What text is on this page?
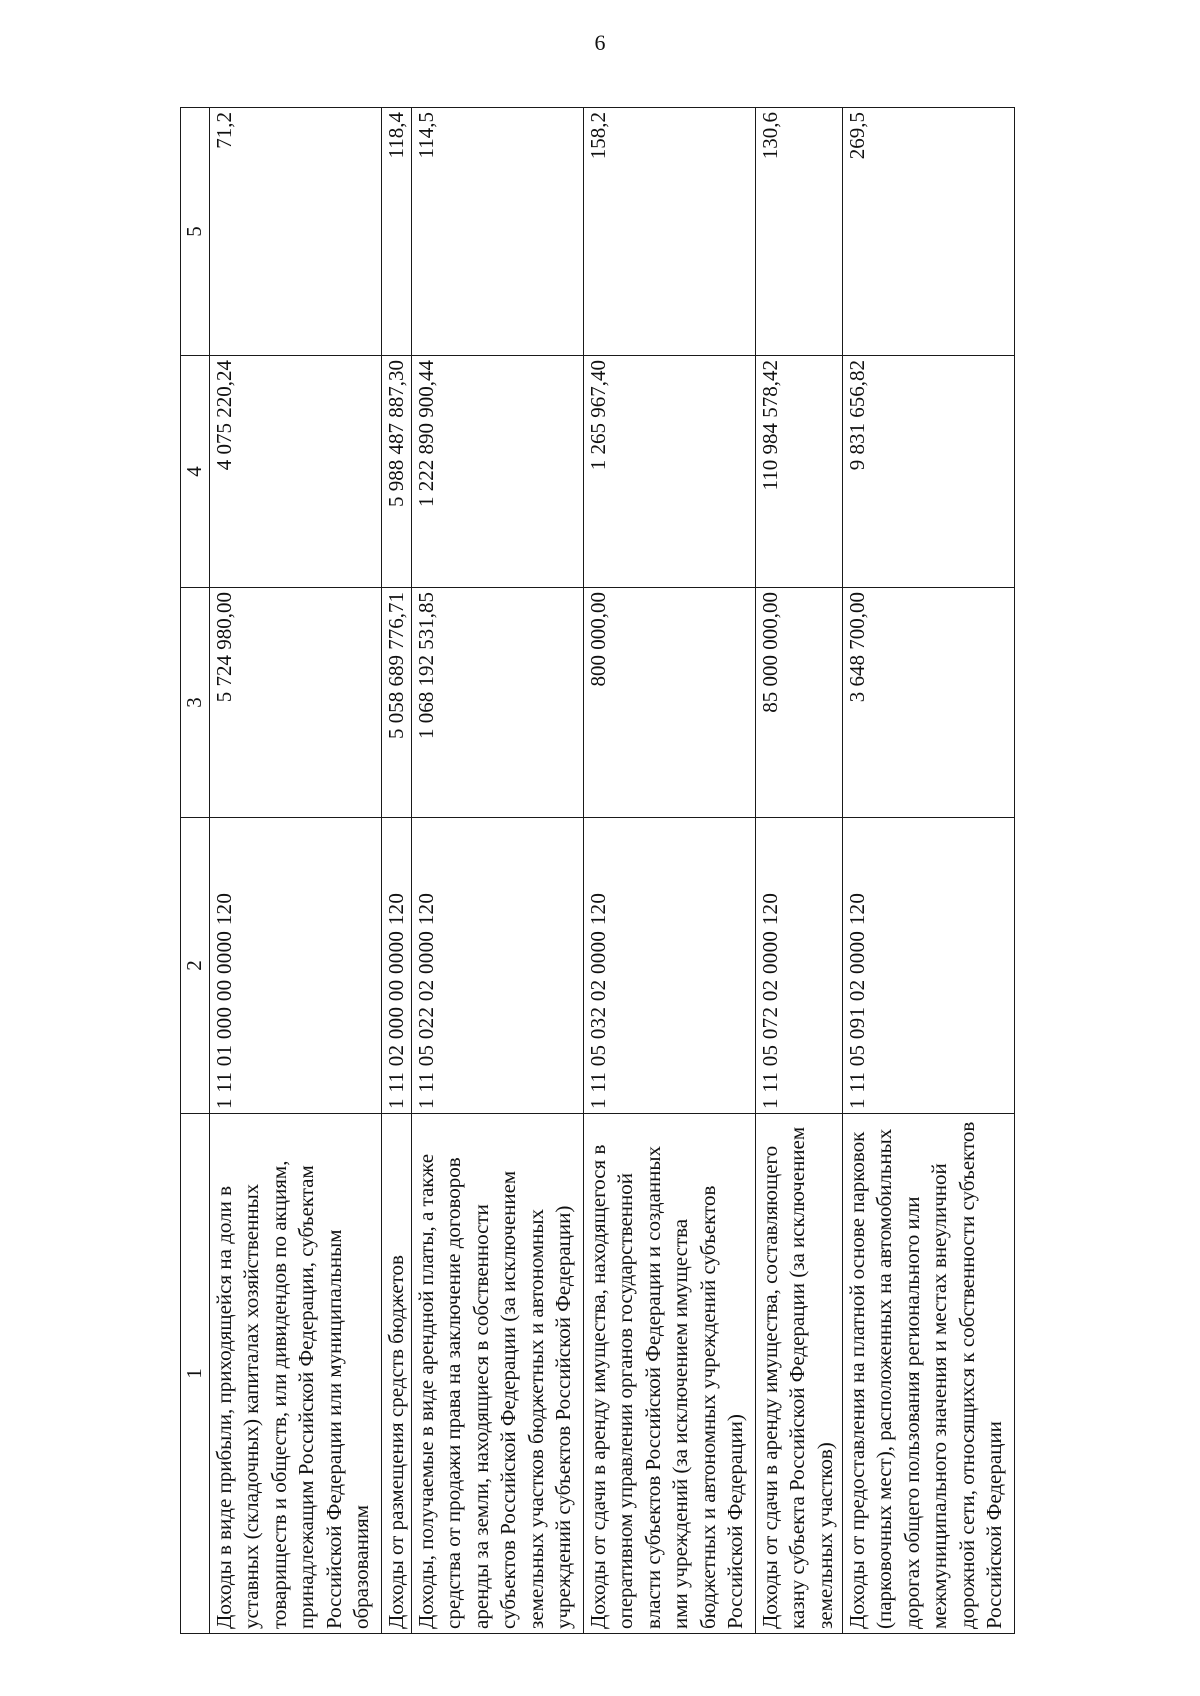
6
1	2	3	4	5
Доходы в виде прибыли, приходящейся на доли в уставных (складочных) капиталах хозяйственных товариществ и обществ, или дивидендов по акциям, принадлежащим Российской Федерации, субъектам Российской Федерации или муниципальным образованиям	1 11 01 000 00 0000 120	5 724 980,00	4 075 220,24	71,2
Доходы от размещения средств бюджетов	1 11 02 000 00 0000 120	5 058 689 776,71	5 988 487 887,30	118,4
Доходы, получаемые в виде арендной платы, а также средства от продажи права на заключение договоров аренды за земли, находящиеся в собственности субъектов Российской Федерации (за исключением земельных участков бюджетных и автономных учреждений субъектов Российской Федерации)	1 11 05 022 02 0000 120	1 068 192 531,85	1 222 890 900,44	114,5
Доходы от сдачи в аренду имущества, находящегося в оперативном управлении органов государственной власти субъектов Российской Федерации и созданных ими учреждений (за исключением имущества бюджетных и автономных учреждений субъектов Российской Федерации)	1 11 05 032 02 0000 120	800 000,00	1 265 967,40	158,2
Доходы от сдачи в аренду имущества, составляющего казну субъекта Российской Федерации (за исключением земельных участков)	1 11 05 072 02 0000 120	85 000 000,00	110 984 578,42	130,6
Доходы от предоставления на платной основе парковок (парковочных мест), расположенных на автомобильных дорогах общего пользования регионального или межмуниципального значения и местах внеуличной дорожной сети, относящихся к собственности субъектов Российской Федерации	1 11 05 091 02 0000 120	3 648 700,00	9 831 656,82	269,5
